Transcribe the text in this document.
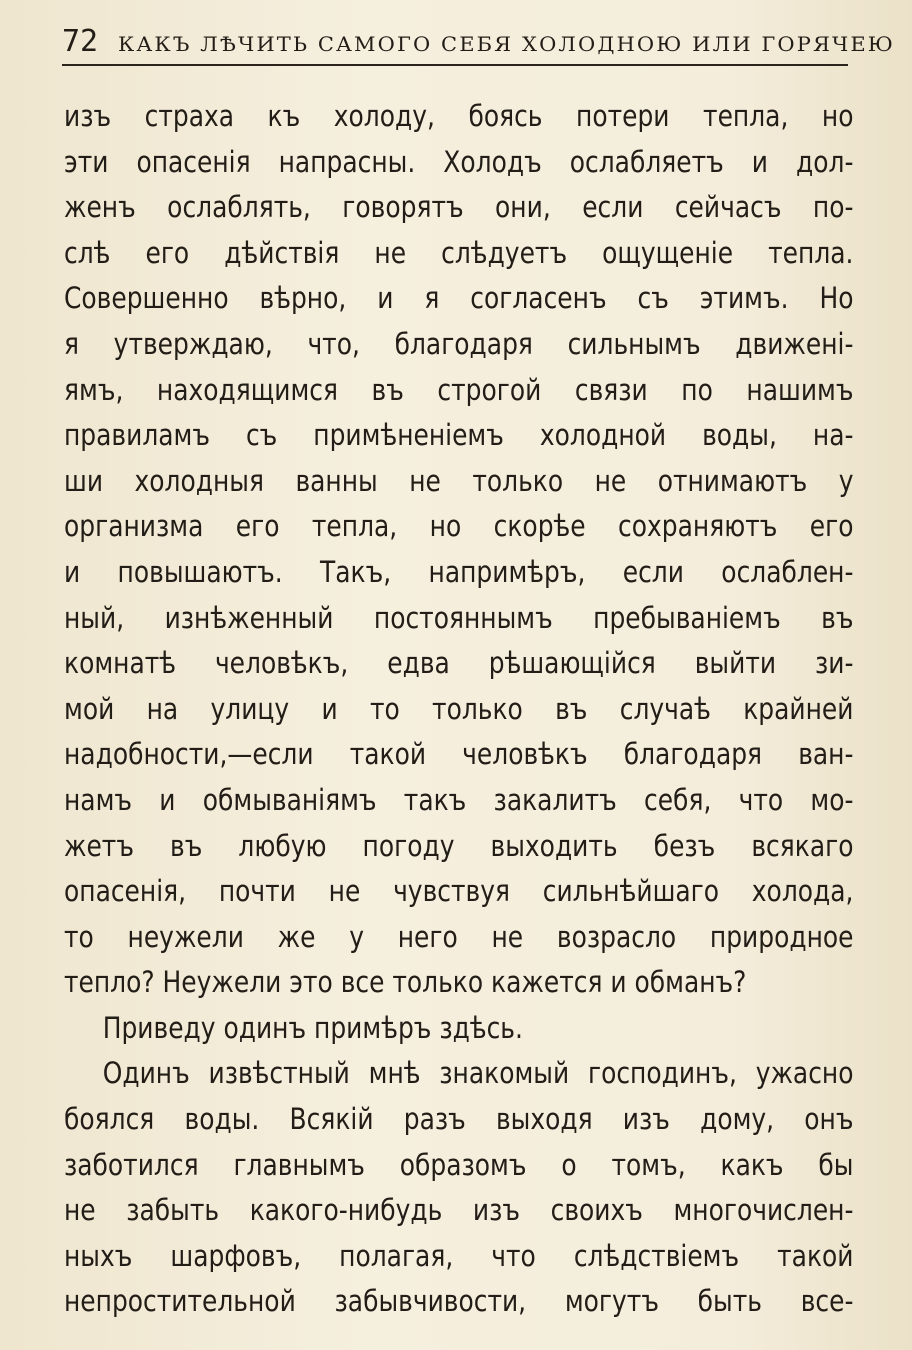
72 КАКЪ ЛѢЧИТЬ САМОГО СЕБЯ ХОЛОДНОЮ ИЛИ ГОРЯЧЕЮ
изъ страха къ холоду, боясь потери тепла, но
эти опасенія напрасны. Холодъ ослабляетъ и дол-
женъ ослаблять, говорятъ они, если сейчасъ по-
слѣ его дѣйствія не слѣдуетъ ощущеніе тепла.
Совершенно вѣрно, и я согласенъ съ этимъ. Но
я утверждаю, что, благодаря сильнымъ движені-
ямъ, находящимся въ строгой связи по нашимъ
правиламъ съ примѣненіемъ холодной воды, на-
ши холодныя ванны не только не отнимаютъ у
организма его тепла, но скорѣе сохраняютъ его
и повышаютъ. Такъ, напримѣръ, если ослаблен-
ный, изнѣженный постояннымъ пребываніемъ въ
комнатѣ человѣкъ, едва рѣшающійся выйти зи-
мой на улицу и то только въ случаѣ крайней
надобности,—если такой человѣкъ благодаря ван-
намъ и обмываніямъ такъ закалитъ себя, что мо-
жетъ въ любую погоду выходить безъ всякаго
опасенія, почти не чувствуя сильнѣйшаго холода,
то неужели же у него не возрасло природное
тепло? Неужели это все только кажется и обманъ?
Приведу одинъ примѣръ здѣсь.
Одинъ извѣстный мнѣ знакомый господинъ, ужасно
боялся воды. Всякій разъ выходя изъ дому, онъ
заботился главнымъ образомъ о томъ, какъ бы
не забыть какого-нибудь изъ своихъ многочислен-
ныхъ шарфовъ, полагая, что слѣдствіемъ такой
непростительной забывчивости, могутъ быть все-
